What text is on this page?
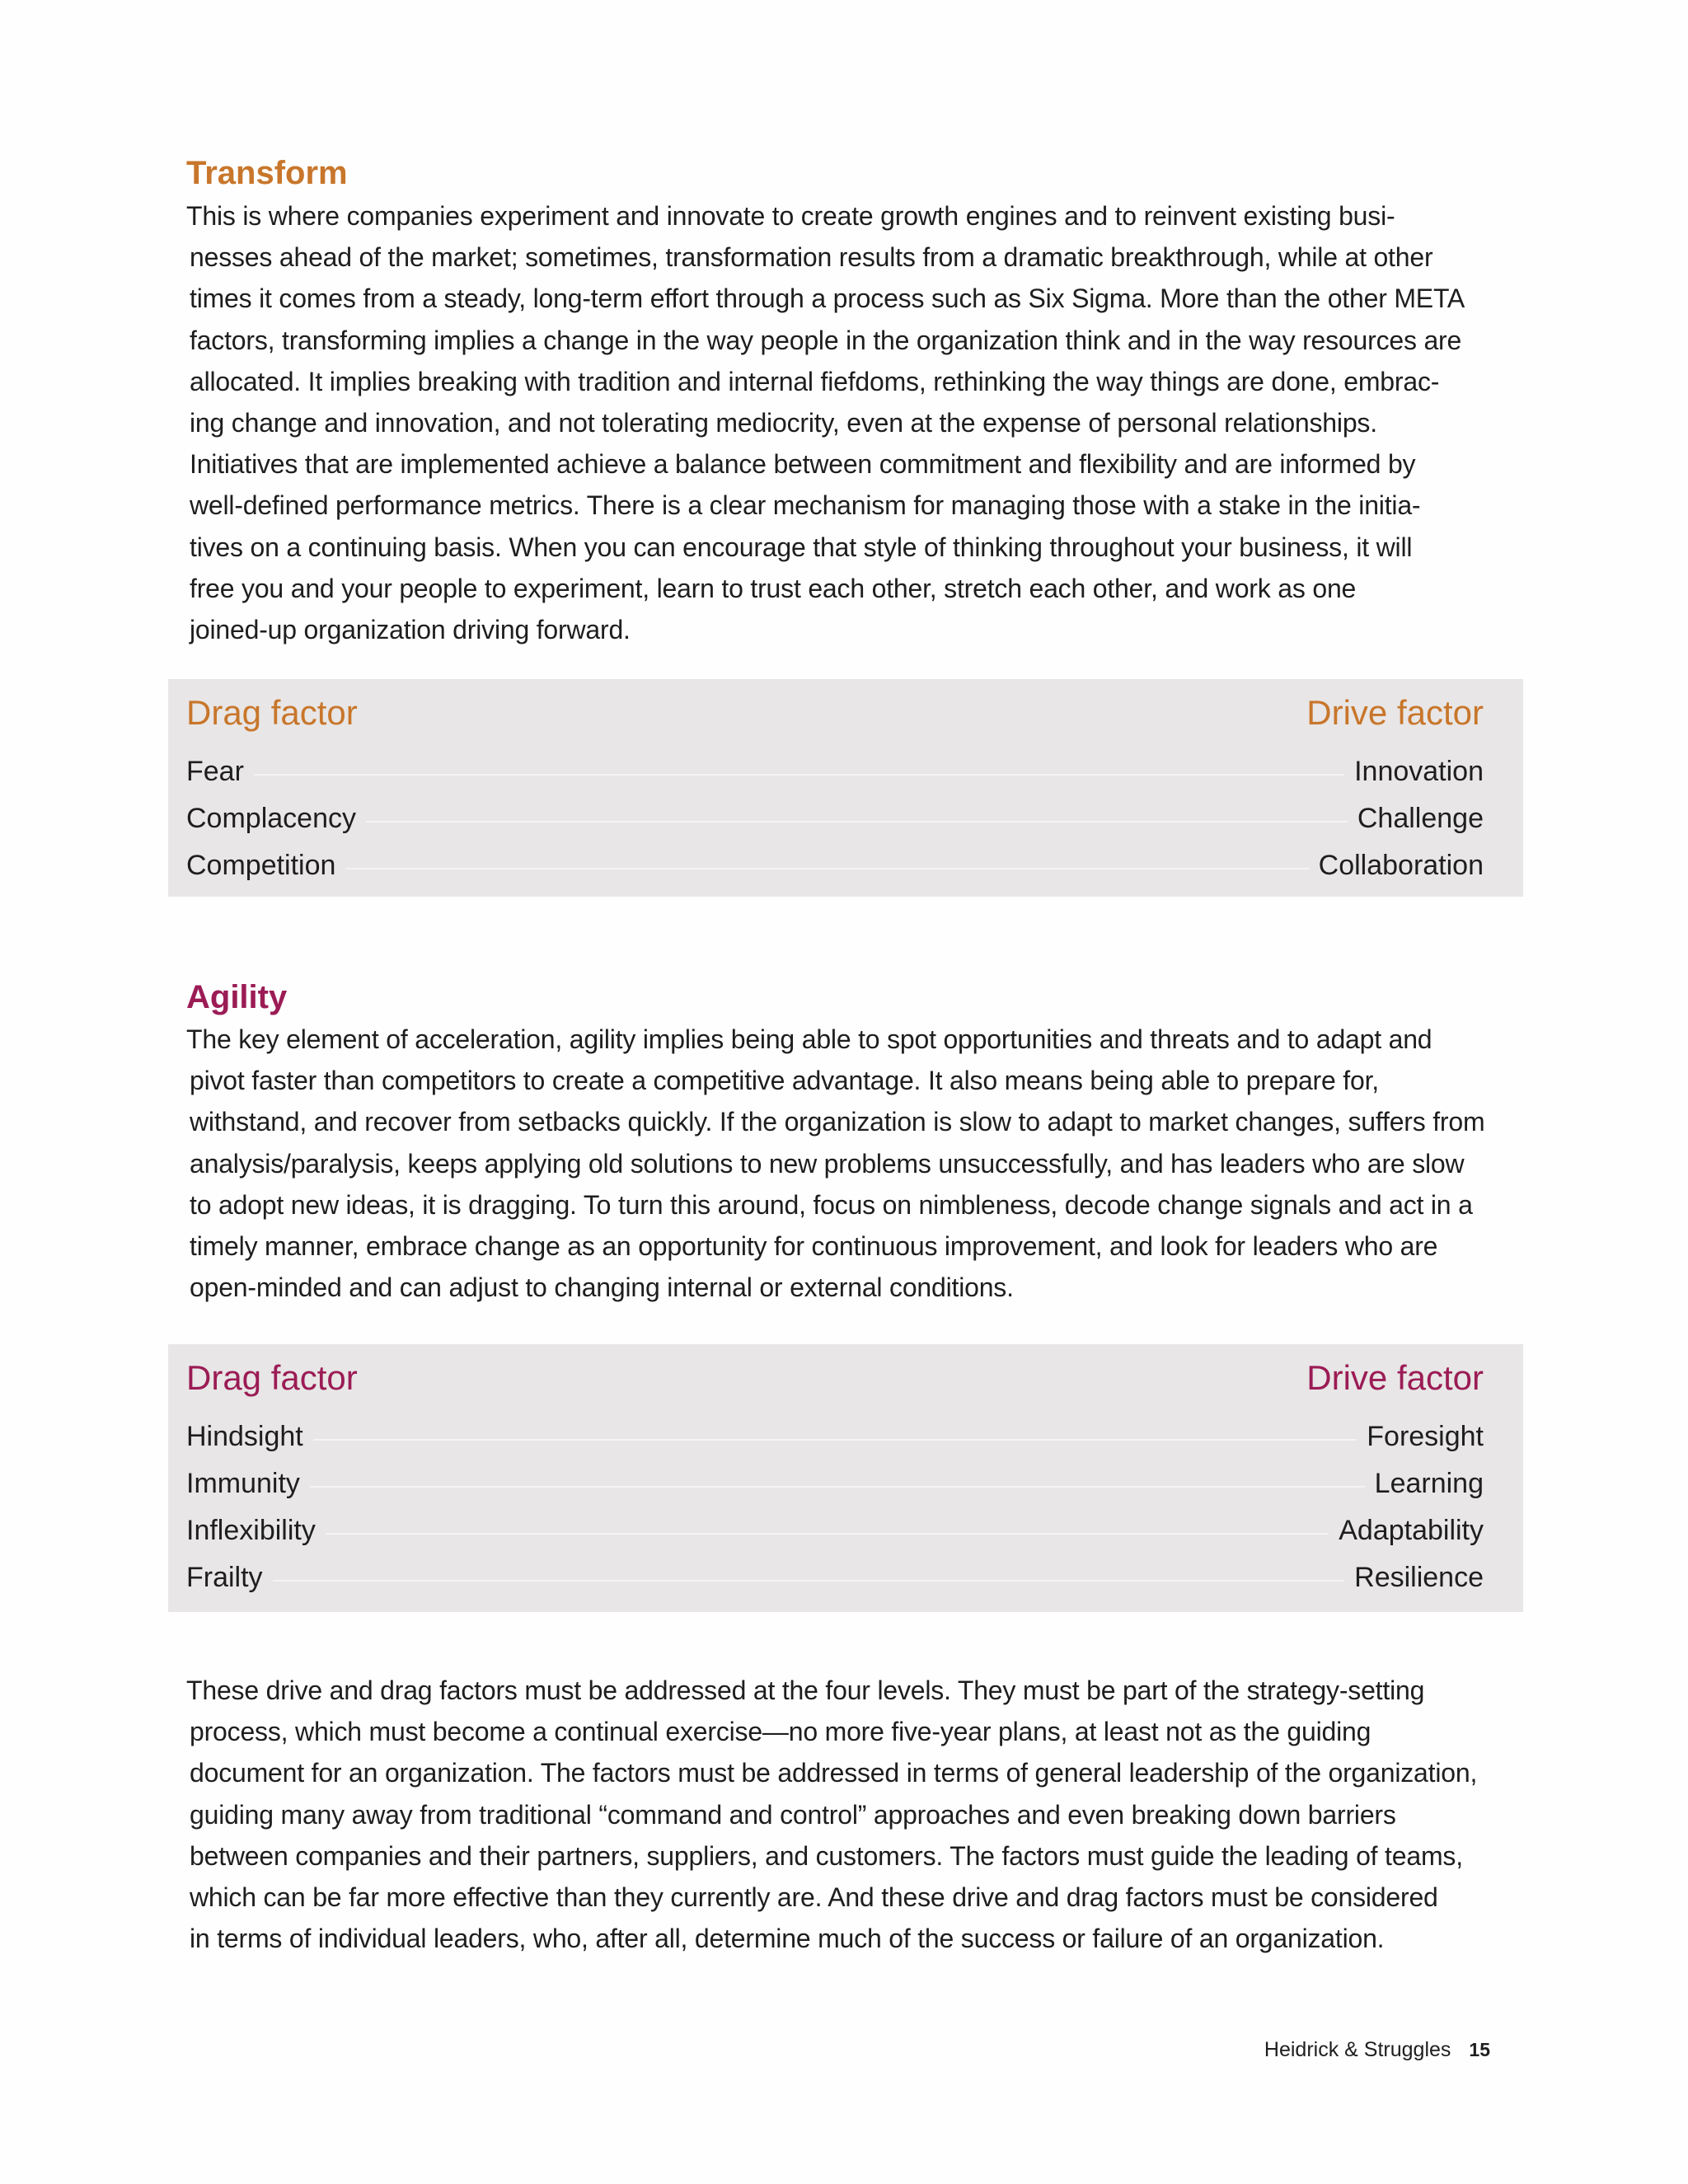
Transform

This is where companies experiment and innovate to create growth engines and to reinvent existing busi-
nesses ahead of the market; sometimes, transformation results from a dramatic breakthrough, while at other
times it comes from a steady, long-term effort through a process such as Six Sigma. More than the other META
factors, transforming implies a change in the way people in the organization think and in the way resources are
allocated. It implies breaking with tradition and internal fiefdoms, rethinking the way things are done, embrac-
ing change and innovation, and not tolerating mediocrity, even at the expense of personal relationships.
Initiatives that are implemented achieve a balance between commitment and flexibility and are informed by
well-defined performance metrics. There is a clear mechanism for managing those with a stake in the initia-
tives on a continuing basis. When you can encourage that style of thinking throughout your business, it will
free you and your people to experiment, learn to trust each other, stretch each other, and work as one
joined-up organization driving forward.

Drag factor	Drive factor
Fear	Innovation
Complacency	Challenge
Competition	Collaboration
Agility

The key element of acceleration, agility implies being able to spot opportunities and threats and to adapt and
pivot faster than competitors to create a competitive advantage. It also means being able to prepare for,
withstand, and recover from setbacks quickly. If the organization is slow to adapt to market changes, suffers from
analysis/paralysis, keeps applying old solutions to new problems unsuccessfully, and has leaders who are slow
to adopt new ideas, it is dragging. To turn this around, focus on nimbleness, decode change signals and act in a
timely manner, embrace change as an opportunity for continuous improvement, and look for leaders who are
open-minded and can adjust to changing internal or external conditions.

Drag factor	Drive factor
Hindsight	Foresight
Immunity	Learning
Inflexibility	Adaptability
Frailty	Resilience

These drive and drag factors must be addressed at the four levels. They must be part of the strategy-setting
process, which must become a continual exercise—no more five-year plans, at least not as the guiding
document for an organization. The factors must be addressed in terms of general leadership of the organization,
guiding many away from traditional “command and control” approaches and even breaking down barriers
between companies and their partners, suppliers, and customers. The factors must guide the leading of teams,
which can be far more effective than they currently are. And these drive and drag factors must be considered
in terms of individual leaders, who, after all, determine much of the success or failure of an organization.

Heidrick & Struggles 15
